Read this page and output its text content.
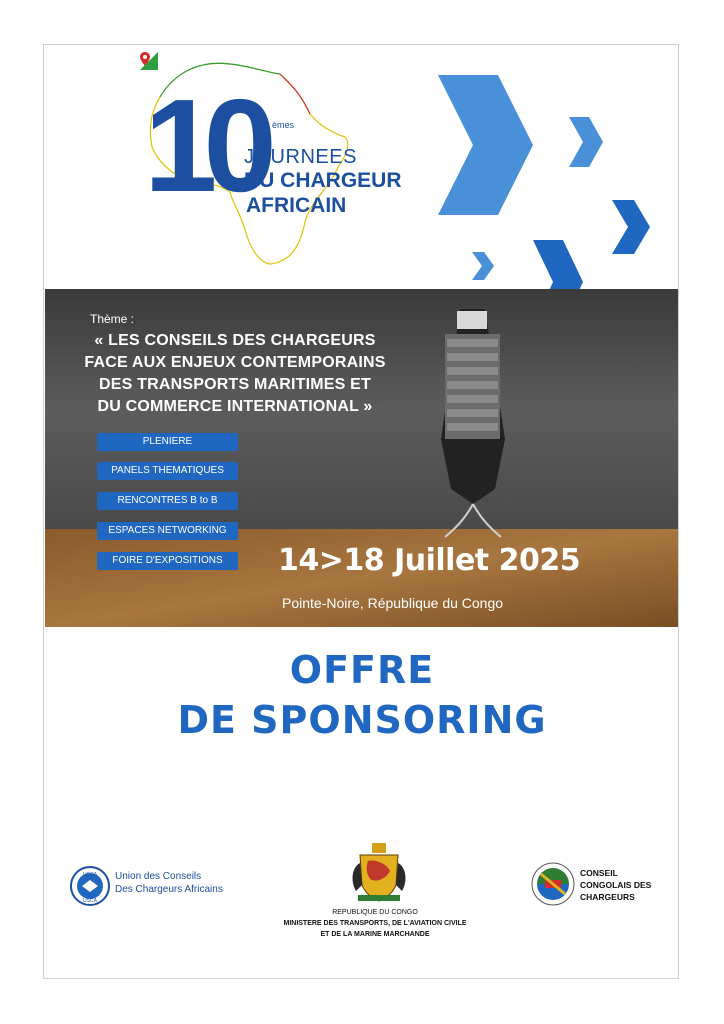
10 èmes
JOURNEES
DU CHARGEUR
AFRICAIN
Thème :
« LES CONSEILS DES CHARGEURS
FACE AUX ENJEUX CONTEMPORAINS
DES TRANSPORTS MARITIMES ET
DU COMMERCE INTERNATIONAL »
PLENIERE
PANELS THEMATIQUES
RENCONTRES B to B
ESPACES NETWORKING
FOIRE D'EXPOSITIONS	14>18 Juillet 2025
Pointe-Noire, République du Congo
OFFRE
DE SPONSORING
UCCA
USCA
Union des Conseils
Des Chargeurs Africains
REPUBLIQUE DU CONGO
MINISTERE DES TRANSPORTS, DE L'AVIATION CIVILE
ET DE LA MARINE MARCHANDE
CONSEIL
CONGOLAIS DES
CHARGEURS
